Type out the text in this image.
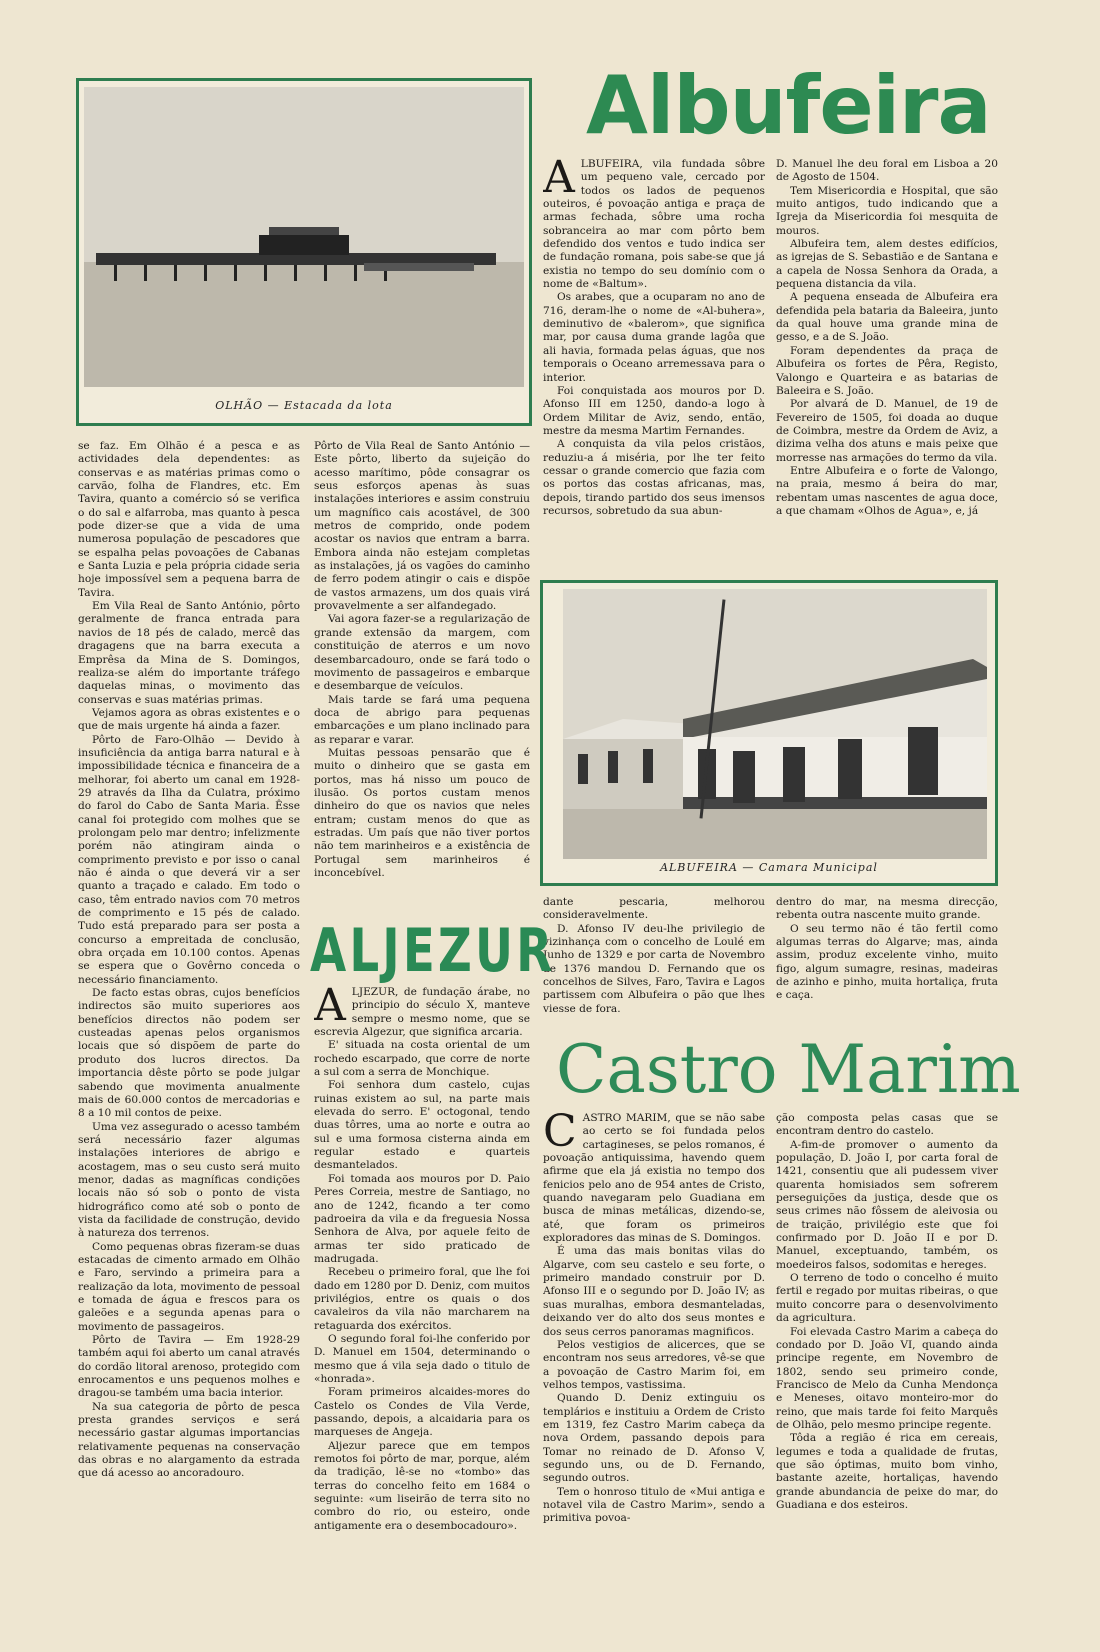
OLHÃO — Estacada da lota
Albufeira
A LBUFEIRA, vila fundada sôbre um pequeno vale, cercado por todos os lados de pequenos outeiros, é povoação antiga e praça de armas fechada, sôbre uma rocha sobranceira ao mar com pôrto bem defendido dos ventos e tudo indica ser de fundação romana, pois sabe-se que já existia no tempo do seu domínio com o nome de «Baltum».

Os arabes, que a ocuparam no ano de 716, deram-lhe o nome de «Al-buhera», deminutivo de «balerom», que significa mar, por causa duma grande lagôa que ali havia, formada pelas águas, que nos temporais o Oceano arremessava para o interior.

Foi conquistada aos mouros por D. Afonso III em 1250, dando-a logo à Ordem Militar de Aviz, sendo, então, mestre da mesma Martim Fernandes.

A conquista da vila pelos cristãos, reduziu-a á miséria, por lhe ter feito cessar o grande comercio que fazia com os portos das costas africanas, mas, depois, tirando partido dos seus imensos recursos, sobretudo da sua abun-

D. Manuel lhe deu foral em Lisboa a 20 de Agosto de 1504.

Tem Misericordia e Hospital, que são muito antigos, tudo indicando que a Igreja da Misericordia foi mesquita de mouros.

Albufeira tem, alem destes edifícios, as igrejas de S. Sebastião e de Santana e a capela de Nossa Senhora da Orada, a pequena distancia da vila.

A pequena enseada de Albufeira era defendida pela bataria da Baleeira, junto da qual houve uma grande mina de gesso, e a de S. João.

Foram dependentes da praça de Albufeira os fortes de Pêra, Registo, Valongo e Quarteira e as batarias de Baleeira e S. João.

Por alvará de D. Manuel, de 19 de Fevereiro de 1505, foi doada ao duque de Coimbra, mestre da Ordem de Aviz, a dizima velha dos atuns e mais peixe que morresse nas armações do termo da vila.

Entre Albufeira e o forte de Valongo, na praia, mesmo á beira do mar, rebentam umas nascentes de agua doce, a que chamam «Olhos de Agua», e, já

ALBUFEIRA — Camara Municipal

dante pescaria, melhorou consideravelmente.

D. Afonso IV deu-lhe privilegio de vizinhança com o concelho de Loulé em Junho de 1329 e por carta de Novembro de 1376 mandou D. Fernando que os concelhos de Silves, Faro, Tavira e Lagos partissem com Albufeira o pão que lhes viesse de fora.

dentro do mar, na mesma direcção, rebenta outra nascente muito grande.

O seu termo não é tão fertil como algumas terras do Algarve; mas, ainda assim, produz excelente vinho, muito figo, algum sumagre, resinas, madeiras de azinho e pinho, muita hortaliça, fruta e caça.

se faz. Em Olhão é a pesca e as actividades dela dependentes: as conservas e as matérias primas como o carvão, folha de Flandres, etc. Em Tavira, quanto a comércio só se verifica o do sal e alfarroba, mas quanto à pesca pode dizer-se que a vida de uma numerosa população de pescadores que se espalha pelas povoações de Cabanas e Santa Luzia e pela própria cidade seria hoje impossível sem a pequena barra de Tavira.

Em Vila Real de Santo António, pôrto geralmente de franca entrada para navios de 18 pés de calado, mercê das dragagens que na barra executa a Emprêsa da Mina de S. Domingos, realiza-se além do importante tráfego daquelas minas, o movimento das conservas e suas matérias primas.

Vejamos agora as obras existentes e o que de mais urgente há ainda a fazer.

Pôrto de Faro-Olhão — Devido à insuficiência da antiga barra natural e à impossibilidade técnica e financeira de a melhorar, foi aberto um canal em 1928-29 através da Ilha da Culatra, próximo do farol do Cabo de Santa Maria. Êsse canal foi protegido com molhes que se prolongam pelo mar dentro; infelizmente porém não atingiram ainda o comprimento previsto e por isso o canal não é ainda o que deverá vir a ser quanto a traçado e calado. Em todo o caso, têm entrado navios com 70 metros de comprimento e 15 pés de calado. Tudo está preparado para ser posta a concurso a empreitada de conclusão, obra orçada em 10.100 contos. Apenas se espera que o Govêrno conceda o necessário financiamento.

De facto estas obras, cujos benefícios indirectos são muito superiores aos benefícios directos não podem ser custeadas apenas pelos organismos locais que só dispõem de parte do produto dos lucros directos. Da importancia dêste pôrto se pode julgar sabendo que movimenta anualmente mais de 60.000 contos de mercadorias e 8 a 10 mil contos de peixe.

Uma vez assegurado o acesso também será necessário fazer algumas instalações interiores de abrigo e acostagem, mas o seu custo será muito menor, dadas as magníficas condições locais não só sob o ponto de vista hidrográfico como até sob o ponto de vista da facilidade de construção, devido à natureza dos terrenos.

Como pequenas obras fizeram-se duas estacadas de cimento armado em Olhão e Faro, servindo a primeira para a realização da lota, movimento de pessoal e tomada de água e frescos para os galeões e a segunda apenas para o movimento de passageiros.

Pôrto de Tavira — Em 1928-29 também aqui foi aberto um canal através do cordão litoral arenoso, protegido com enrocamentos e uns pequenos molhes e dragou-se também uma bacia interior.

Na sua categoria de pôrto de pesca presta grandes serviços e será necessário gastar algumas importancias relativamente pequenas na conservação das obras e no alargamento da estrada que dá acesso ao ancoradouro.

Pôrto de Vila Real de Santo António — Este pôrto, liberto da sujeição do acesso marítimo, pôde consagrar os seus esforços apenas às suas instalações interiores e assim construiu um magnífico cais acostável, de 300 metros de comprido, onde podem acostar os navios que entram a barra. Embora ainda não estejam completas as instalações, já os vagões do caminho de ferro podem atingir o cais e dispõe de vastos armazens, um dos quais virá provavelmente a ser alfandegado.

Vai agora fazer-se a regularização de grande extensão da margem, com constituição de aterros e um novo desembarcadouro, onde se fará todo o movimento de passageiros e embarque e desembarque de veículos.

Mais tarde se fará uma pequena doca de abrigo para pequenas embarcações e um plano inclinado para as reparar e varar.

Muitas pessoas pensarão que é muito o dinheiro que se gasta em portos, mas há nisso um pouco de ilusão. Os portos custam menos dinheiro do que os navios que neles entram; custam menos do que as estradas. Um país que não tiver portos não tem marinheiros e a existência de Portugal sem marinheiros é inconcebível.

ALJEZUR
A LJEZUR, de fundação árabe, no principio do século X, manteve sempre o mesmo nome, que se escrevia Algezur, que significa arcaria.

E' situada na costa oriental de um rochedo escarpado, que corre de norte a sul com a serra de Monchique.

Foi senhora dum castelo, cujas ruinas existem ao sul, na parte mais elevada do serro. E' octogonal, tendo duas tôrres, uma ao norte e outra ao sul e uma formosa cisterna ainda em regular estado e quarteis desmantelados.

Foi tomada aos mouros por D. Paio Peres Correia, mestre de Santiago, no ano de 1242, ficando a ter como padroeira da vila e da freguesia Nossa Senhora de Alva, por aquele feito de armas ter sido praticado de madrugada.

Recebeu o primeiro foral, que lhe foi dado em 1280 por D. Deniz, com muitos privilégios, entre os quais o dos cavaleiros da vila não marcharem na retaguarda dos exércitos.

O segundo foral foi-lhe conferido por D. Manuel em 1504, determinando o mesmo que á vila seja dado o titulo de «honrada».

Foram primeiros alcaides-mores do Castelo os Condes de Vila Verde, passando, depois, a alcaidaria para os marqueses de Angeja.

Aljezur parece que em tempos remotos foi pôrto de mar, porque, além da tradição, lê-se no «tombo» das terras do concelho feito em 1684 o seguinte: «um liseirão de terra sito no combro do rio, ou esteiro, onde antigamente era o desembocadouro».

Castro Marim
C ASTRO MARIM, que se não sabe ao certo se foi fundada pelos cartagineses, se pelos romanos, é povoação antiquissima, havendo quem afirme que ela já existia no tempo dos fenicios pelo ano de 954 antes de Cristo, quando navegaram pelo Guadiana em busca de minas metálicas, dizendo-se, até, que foram os primeiros exploradores das minas de S. Domingos.

É uma das mais bonitas vilas do Algarve, com seu castelo e seu forte, o primeiro mandado construir por D. Afonso III e o segundo por D. João IV; as suas muralhas, embora desmanteladas, deixando ver do alto dos seus montes e dos seus cerros panoramas magnificos.

Pelos vestigios de alicerces, que se encontram nos seus arredores, vê-se que a povoação de Castro Marim foi, em velhos tempos, vastissima.

Quando D. Deniz extinguiu os templários e instituiu a Ordem de Cristo em 1319, fez Castro Marim cabeça da nova Ordem, passando depois para Tomar no reinado de D. Afonso V, segundo uns, ou de D. Fernando, segundo outros.

Tem o honroso titulo de «Mui antiga e notavel vila de Castro Marim», sendo a primitiva povoa-

ção composta pelas casas que se encontram dentro do castelo.

A-fim-de promover o aumento da população, D. João I, por carta foral de 1421, consentiu que ali pudessem viver quarenta homisiados sem sofrerem perseguições da justiça, desde que os seus crimes não fôssem de aleivosia ou de traição, privilégio este que foi confirmado por D. João II e por D. Manuel, exceptuando, também, os moedeiros falsos, sodomitas e hereges.

O terreno de todo o concelho é muito fertil e regado por muitas ribeiras, o que muito concorre para o desenvolvimento da agricultura.

Foi elevada Castro Marim a cabeça do condado por D. João VI, quando ainda principe regente, em Novembro de 1802, sendo seu primeiro conde, Francisco de Melo da Cunha Mendonça e Meneses, oitavo monteiro-mor do reino, que mais tarde foi feito Marquês de Olhão, pelo mesmo principe regente.

Tôda a região é rica em cereais, legumes e toda a qualidade de frutas, que são óptimas, muito bom vinho, bastante azeite, hortaliças, havendo grande abundancia de peixe do mar, do Guadiana e dos esteiros.
